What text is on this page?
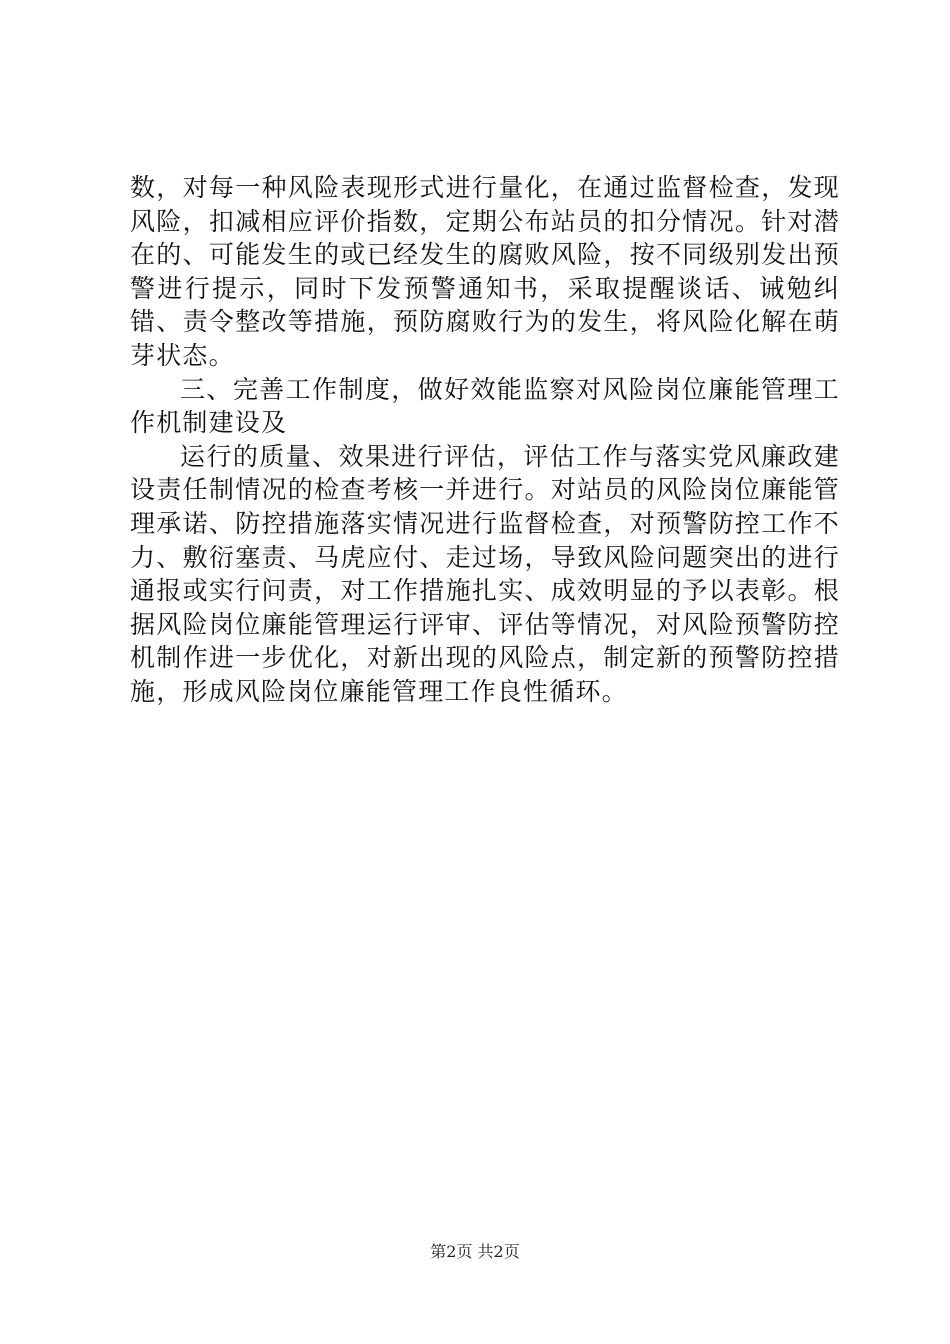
数，对每一种风险表现形式进行量化，在通过监督检查，发现风险，扣减相应评价指数，定期公布站员的扣分情况。针对潜在的、可能发生的或已经发生的腐败风险，按不同级别发出预警进行提示，同时下发预警通知书，采取提醒谈话、诫勉纠错、责令整改等措施，预防腐败行为的发生，将风险化解在萌芽状态。

三、完善工作制度，做好效能监察对风险岗位廉能管理工作机制建设及

运行的质量、效果进行评估，评估工作与落实党风廉政建设责任制情况的检查考核一并进行。对站员的风险岗位廉能管理承诺、防控措施落实情况进行监督检查，对预警防控工作不力、敷衍塞责、马虎应付、走过场，导致风险问题突出的进行通报或实行问责，对工作措施扎实、成效明显的予以表彰。根据风险岗位廉能管理运行评审、评估等情况，对风险预警防控机制作进一步优化，对新出现的风险点，制定新的预警防控措施，形成风险岗位廉能管理工作良性循环。

第2页 共2页
